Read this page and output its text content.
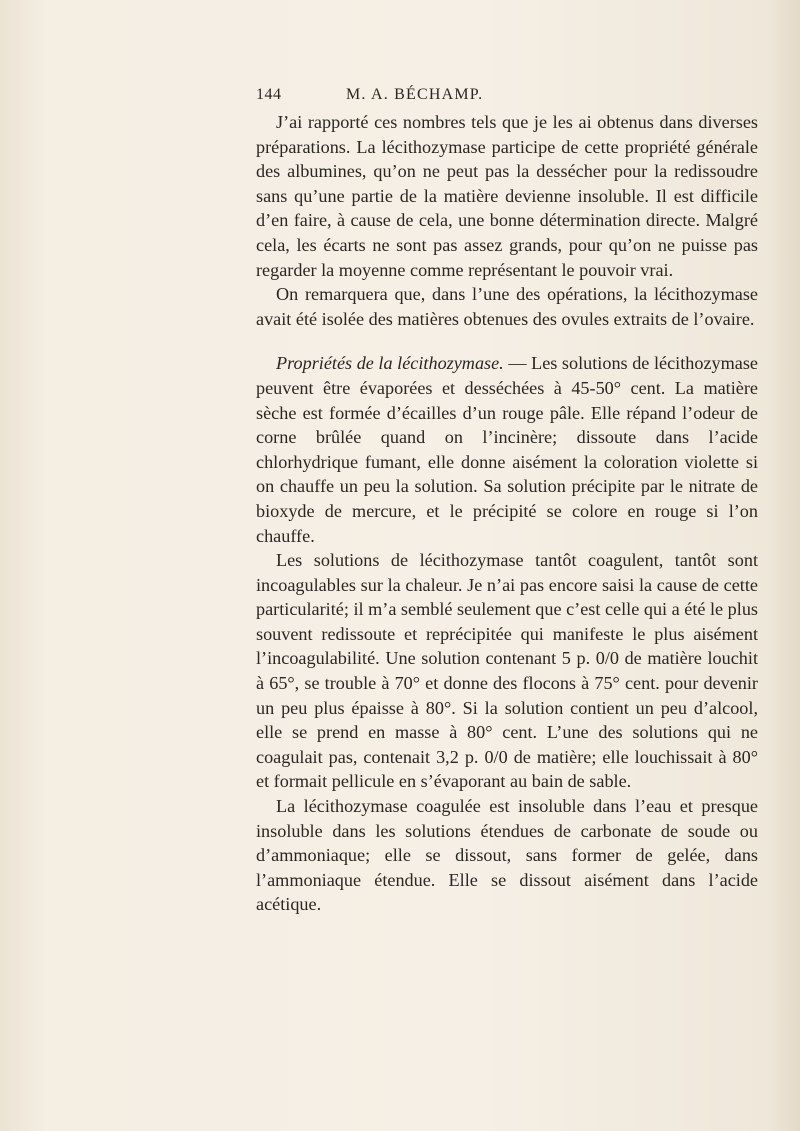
144	M. A. BÉCHAMP.

J’ai rapporté ces nombres tels que je les ai obtenus dans diverses préparations. La lécithozymase participe de cette propriété générale des albumines, qu’on ne peut pas la dessécher pour la redissoudre sans qu’une partie de la matière devienne insoluble. Il est difficile d’en faire, à cause de cela, une bonne détermination directe. Malgré cela, les écarts ne sont pas assez grands, pour qu’on ne puisse pas regarder la moyenne comme représentant le pouvoir vrai.

On remarquera que, dans l’une des opérations, la lécithozymase avait été isolée des matières obtenues des ovules extraits de l’ovaire.

Propriétés de la lécithozymase. — Les solutions de lécithozymase peuvent être évaporées et desséchées à 45-50° cent. La matière sèche est formée d’écailles d’un rouge pâle. Elle répand l’odeur de corne brûlée quand on l’incinère; dissoute dans l’acide chlorhydrique fumant, elle donne aisément la coloration violette si on chauffe un peu la solution. Sa solution précipite par le nitrate de bioxyde de mercure, et le précipité se colore en rouge si l’on chauffe.

Les solutions de lécithozymase tantôt coagulent, tantôt sont incoagulables sur la chaleur. Je n’ai pas encore saisi la cause de cette particularité; il m’a semblé seulement que c’est celle qui a été le plus souvent redissoute et reprécipitée qui manifeste le plus aisément l’incoagulabilité. Une solution contenant 5 p. 0/0 de matière louchit à 65°, se trouble à 70° et donne des flocons à 75° cent. pour devenir un peu plus épaisse à 80°. Si la solution contient un peu d’alcool, elle se prend en masse à 80° cent. L’une des solutions qui ne coagulait pas, contenait 3,2 p. 0/0 de matière; elle louchissait à 80° et formait pellicule en s’évaporant au bain de sable.

La lécithozymase coagulée est insoluble dans l’eau et presque insoluble dans les solutions étendues de carbonate de soude ou d’ammoniaque; elle se dissout, sans former de gelée, dans l’ammoniaque étendue. Elle se dissout aisément dans l’acide acétique.
